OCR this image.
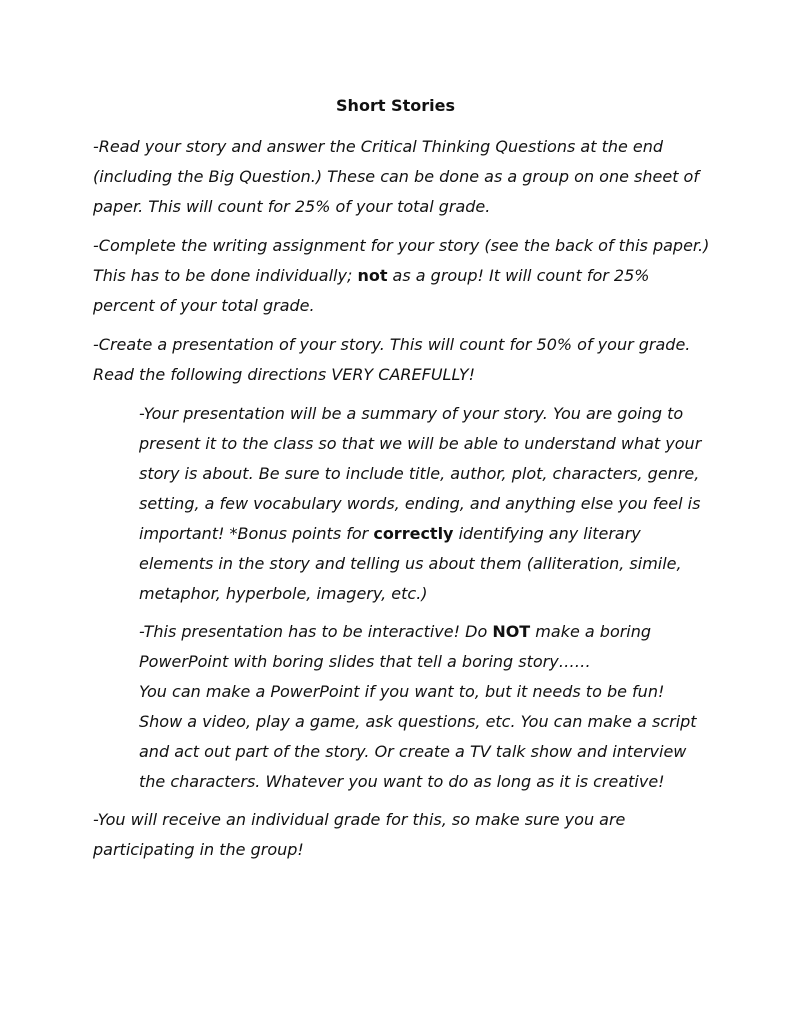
Short Stories

-Read your story and answer the Critical Thinking Questions at the end (including the Big Question.) These can be done as a group on one sheet of paper. This will count for 25% of your total grade.

-Complete the writing assignment for your story (see the back of this paper.) This has to be done individually; not as a group! It will count for 25% percent of your total grade.

-Create a presentation of your story. This will count for 50% of your grade. Read the following directions VERY CAREFULLY!

-Your presentation will be a summary of your story. You are going to present it to the class so that we will be able to understand what your story is about. Be sure to include title, author, plot, characters, genre, setting, a few vocabulary words, ending, and anything else you feel is important! *Bonus points for correctly identifying any literary elements in the story and telling us about them (alliteration, simile, metaphor, hyperbole, imagery, etc.)

-This presentation has to be interactive! Do NOT make a boring PowerPoint with boring slides that tell a boring story……
You can make a PowerPoint if you want to, but it needs to be fun! Show a video, play a game, ask questions, etc. You can make a script and act out part of the story. Or create a TV talk show and interview the characters. Whatever you want to do as long as it is creative!

-You will receive an individual grade for this, so make sure you are participating in the group!
